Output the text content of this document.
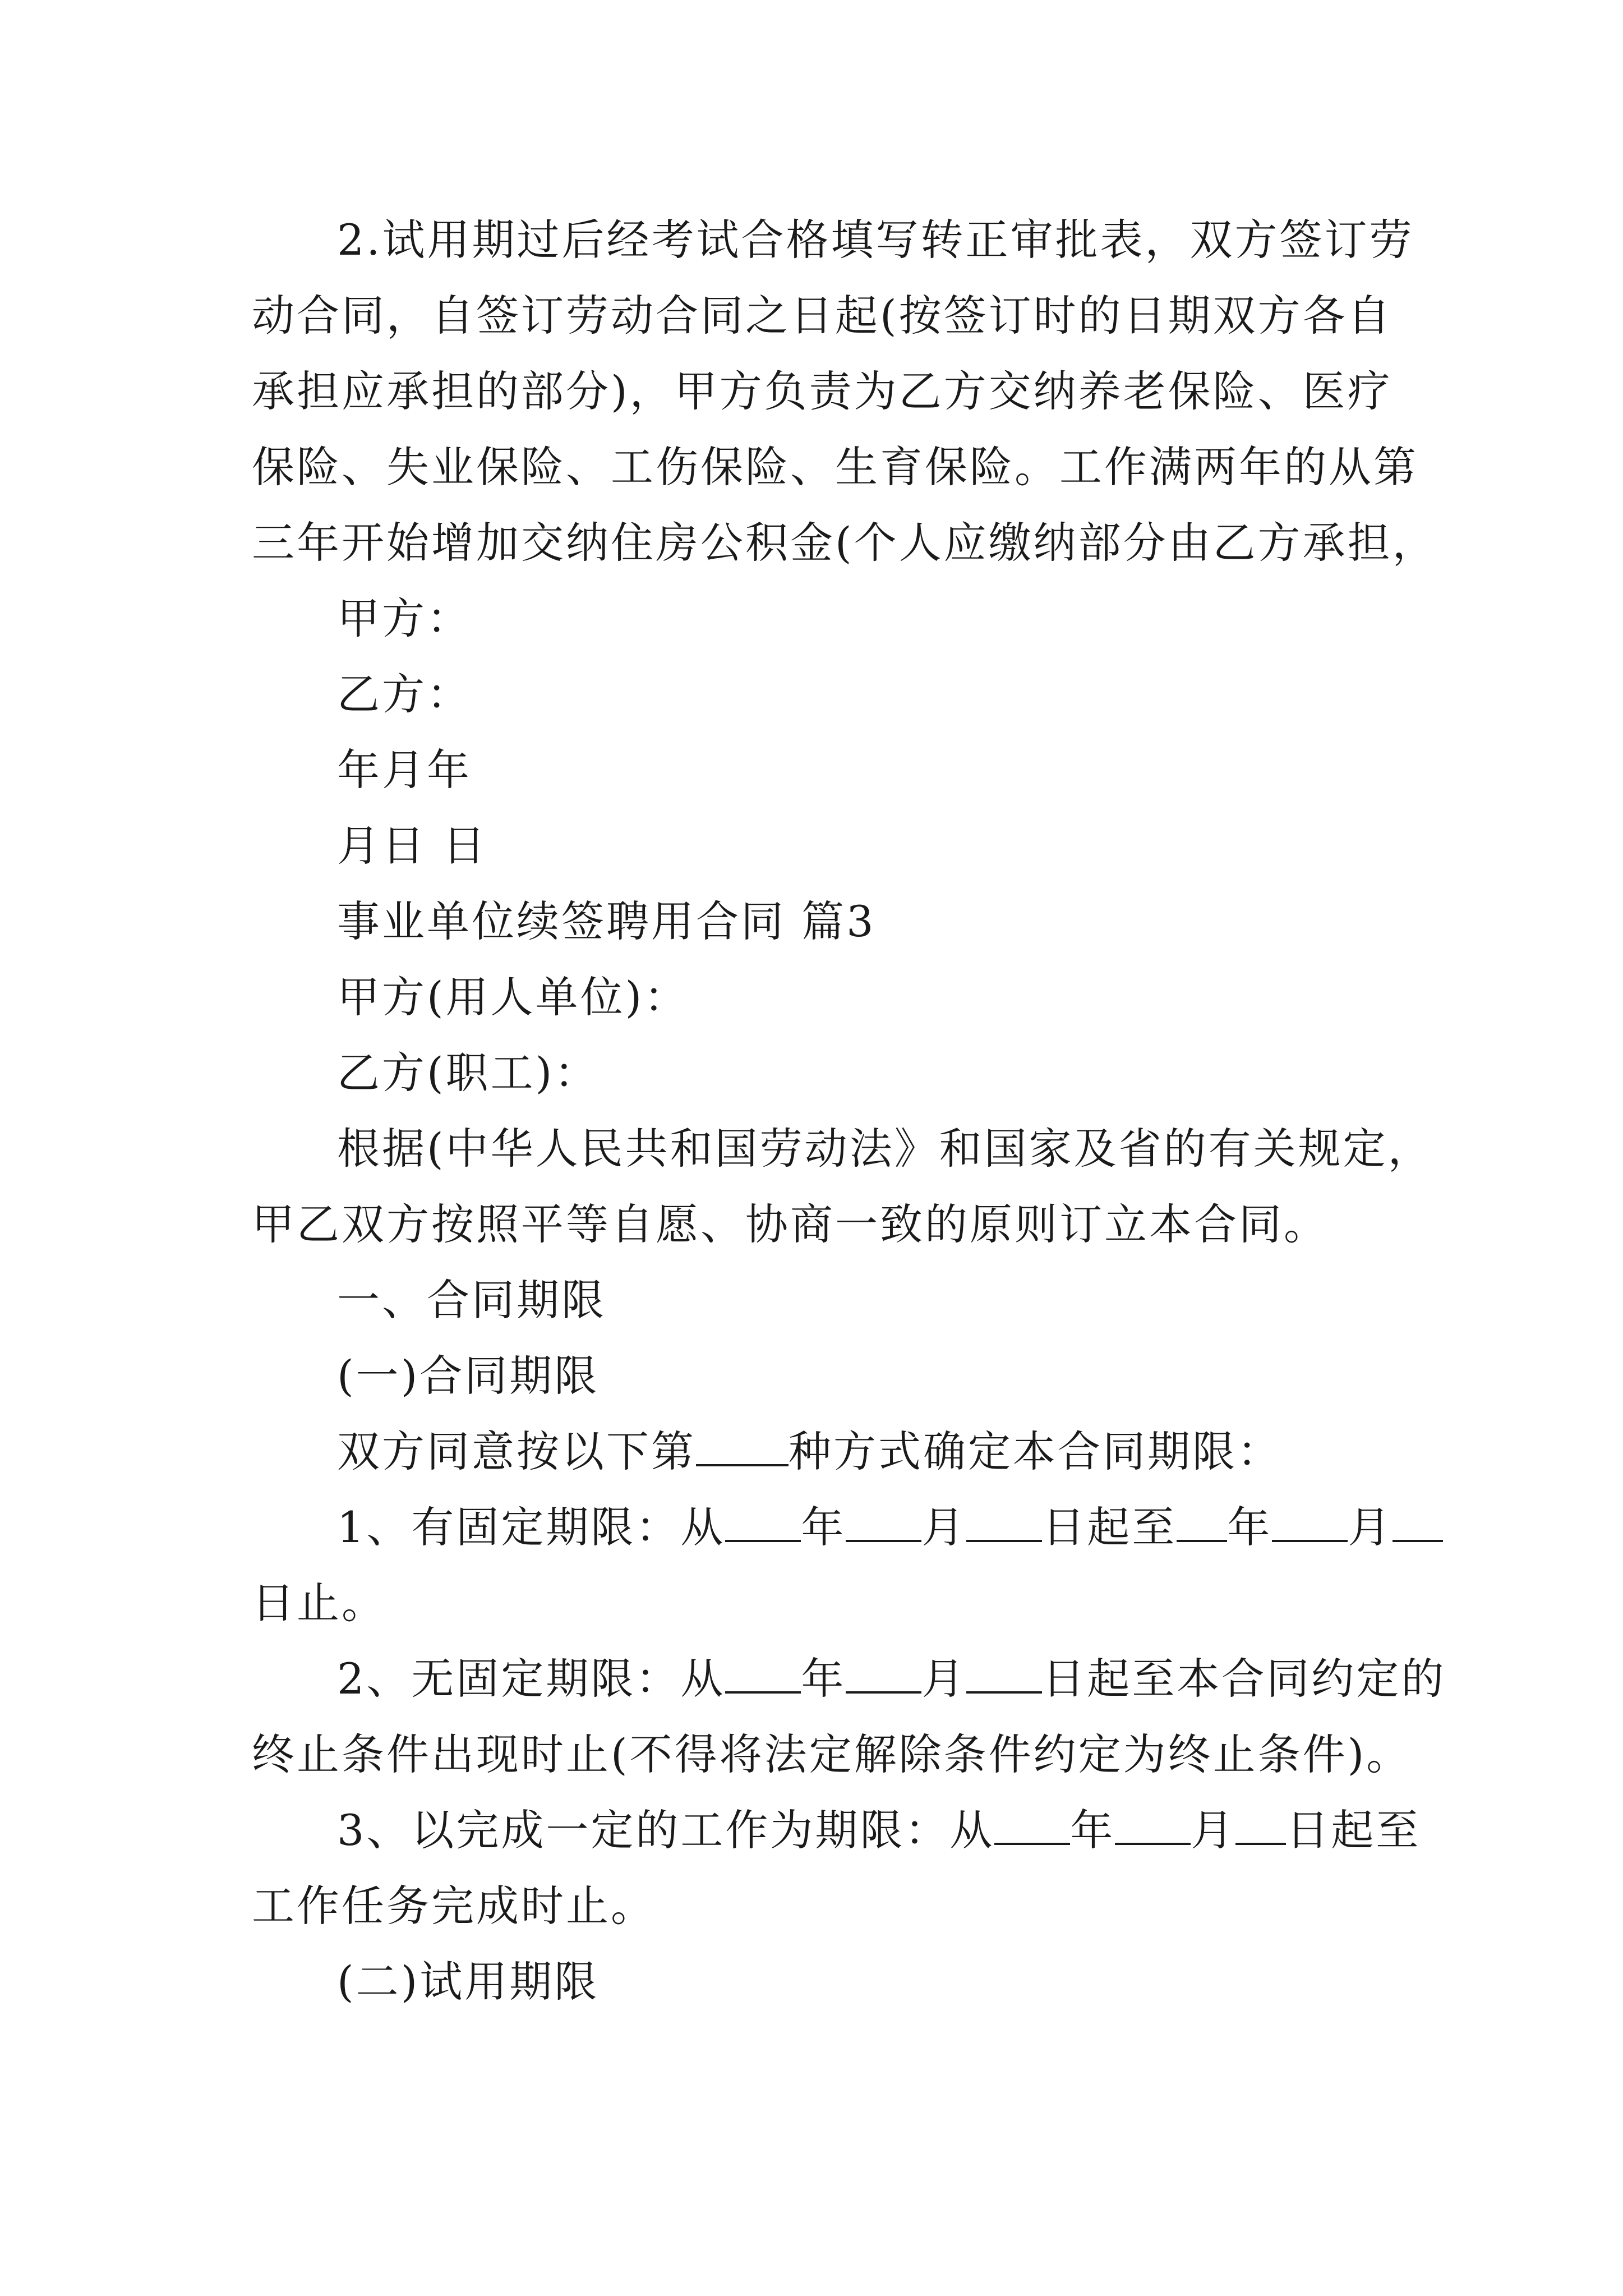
2.试用期过后经考试合格填写转正审批表，双方签订劳

动合同，自签订劳动合同之日起(按签订时的日期双方各自

承担应承担的部分)，甲方负责为乙方交纳养老保险、医疗

保险、失业保险、工伤保险、生育保险。工作满两年的从第

三年开始增加交纳住房公积金(个人应缴纳部分由乙方承担，

甲方：

乙方：

年月年

月日 日

事业单位续签聘用合同 篇3

甲方(用人单位)：

乙方(职工)：

根据(中华人民共和国劳动法》和国家及省的有关规定，

甲乙双方按照平等自愿、协商一致的原则订立本合同。

一、合同期限

(一)合同期限

双方同意按以下第 种方式确定本合同期限：

1、有固定期限：从 年 月 日起至 年 月

日止。

2、无固定期限：从 年 月 日起至本合同约定的

终止条件出现时止(不得将法定解除条件约定为终止条件)。

3、以完成一定的工作为期限：从 年 月 日起至

工作任务完成时止。

(二)试用期限
